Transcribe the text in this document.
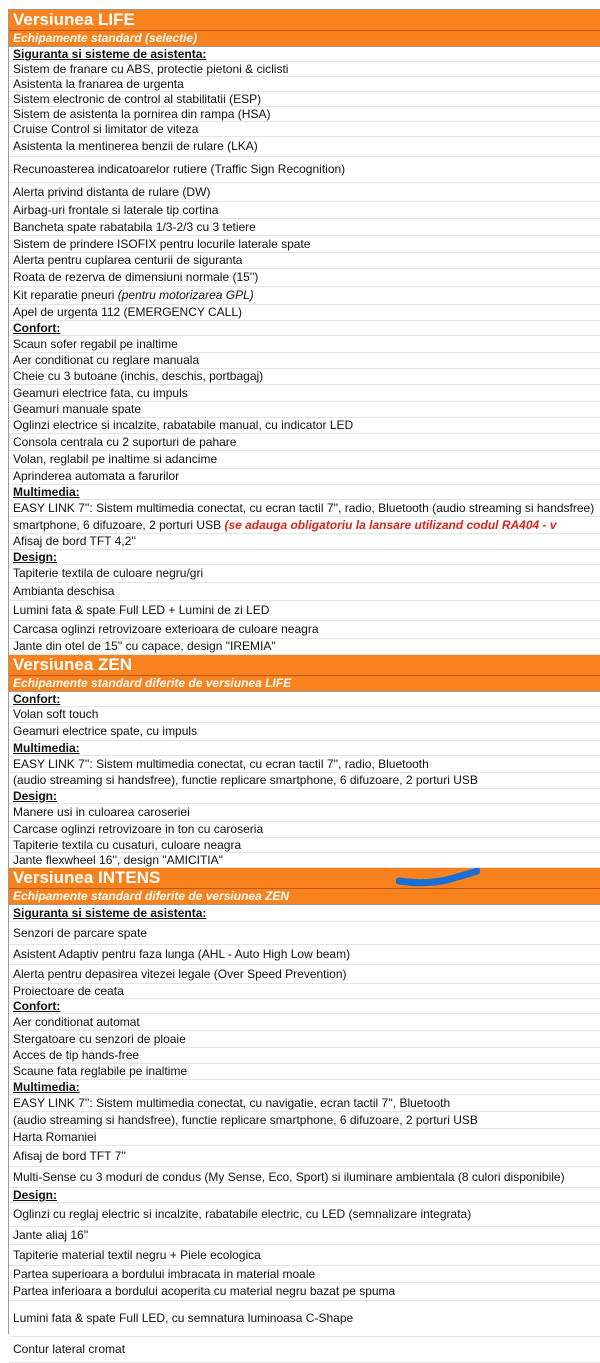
Versiunea LIFE
Echipamente standard (selectie)
Siguranta si sisteme de asistenta:
Sistem de franare cu ABS, protectie pietoni & ciclisti
Asistenta la franarea de urgenta
Sistem electronic de control al stabilitatii (ESP)
Sistem de asistenta la pornirea din rampa (HSA)
Cruise Control si limitator de viteza
Asistenta la mentinerea benzii de rulare (LKA)
Recunoasterea indicatoarelor rutiere (Traffic Sign Recognition)
Alerta privind distanta de rulare (DW)
Airbag-uri frontale si laterale tip cortina
Bancheta spate rabatabila 1/3-2/3 cu 3 tetiere
Sistem de prindere ISOFIX pentru locurile laterale spate
Alerta pentru cuplarea centurii de siguranta
Roata de rezerva de dimensiuni normale (15'')
Kit reparatie pneuri (pentru motorizarea GPL)
Apel de urgenta 112 (EMERGENCY CALL)
Confort:
Scaun sofer regabil pe inaltime
Aer conditionat cu reglare manuala
Cheie cu 3 butoane (inchis, deschis, portbagaj)
Geamuri electrice fata, cu impuls
Geamuri manuale spate
Oglinzi electrice si incalzite, rabatabile manual, cu indicator LED
Consola centrala cu 2 suporturi de pahare
Volan, reglabil pe inaltime si adancime
Aprinderea automata a farurilor
Multimedia:
EASY LINK 7'': Sistem multimedia conectat, cu ecran tactil 7'', radio, Bluetooth (audio streaming si handsfree)
smartphone, 6 difuzoare, 2 porturi USB (se adauga obligatoriu la lansare utilizand codul RA404 - v
Afisaj de bord TFT 4,2''
Design:
Tapiterie textila de culoare negru/gri
Ambianta deschisa
Lumini fata & spate Full LED + Lumini de zi LED
Carcasa oglinzi retrovizoare exterioara de culoare neagra
Jante din otel de 15'' cu capace, design "IREMIA"
Versiunea ZEN
Echipamente standard diferite de versiunea LIFE
Confort:
Volan soft touch
Geamuri electrice spate, cu impuls
Multimedia:
EASY LINK 7'': Sistem multimedia conectat, cu ecran tactil 7'', radio, Bluetooth
(audio streaming si handsfree), functie replicare smartphone, 6 difuzoare, 2 porturi USB
Design:
Manere usi in culoarea caroseriei
Carcase oglinzi retrovizoare in ton cu caroseria
Tapiterie textila cu cusaturi, culoare neagra
Jante flexwheel 16'', design "AMICITIA"
Versiunea INTENS
Echipamente standard diferite de versiunea ZEN
Siguranta si sisteme de asistenta:
Senzori de parcare spate
Asistent Adaptiv pentru faza lunga (AHL - Auto High Low beam)
Alerta pentru depasirea vitezei legale (Over Speed Prevention)
Proiectoare de ceata
Confort:
Aer conditionat automat
Stergatoare cu senzori de ploaie
Acces de tip hands-free
Scaune fata reglabile pe inaltime
Multimedia:
EASY LINK 7'': Sistem multimedia conectat, cu navigatie, ecran tactil 7'', Bluetooth
(audio streaming si handsfree), functie replicare smartphone, 6 difuzoare, 2 porturi USB
Harta Romaniei
Afisaj de bord TFT 7''
Multi-Sense cu 3 moduri de condus (My Sense, Eco, Sport) si iluminare ambientala (8 culori disponibile)
Design:
Oglinzi cu reglaj electric si incalzite, rabatabile electric, cu LED (semnalizare integrata)
Jante aliaj 16''
Tapiterie material textil negru + Piele ecologica
Partea superioara a bordului imbracata in material moale
Partea inferioara a bordului acoperita cu material negru bazat pe spuma
Lumini fata & spate Full LED, cu semnatura luminoasa C-Shape
Contur lateral cromat
